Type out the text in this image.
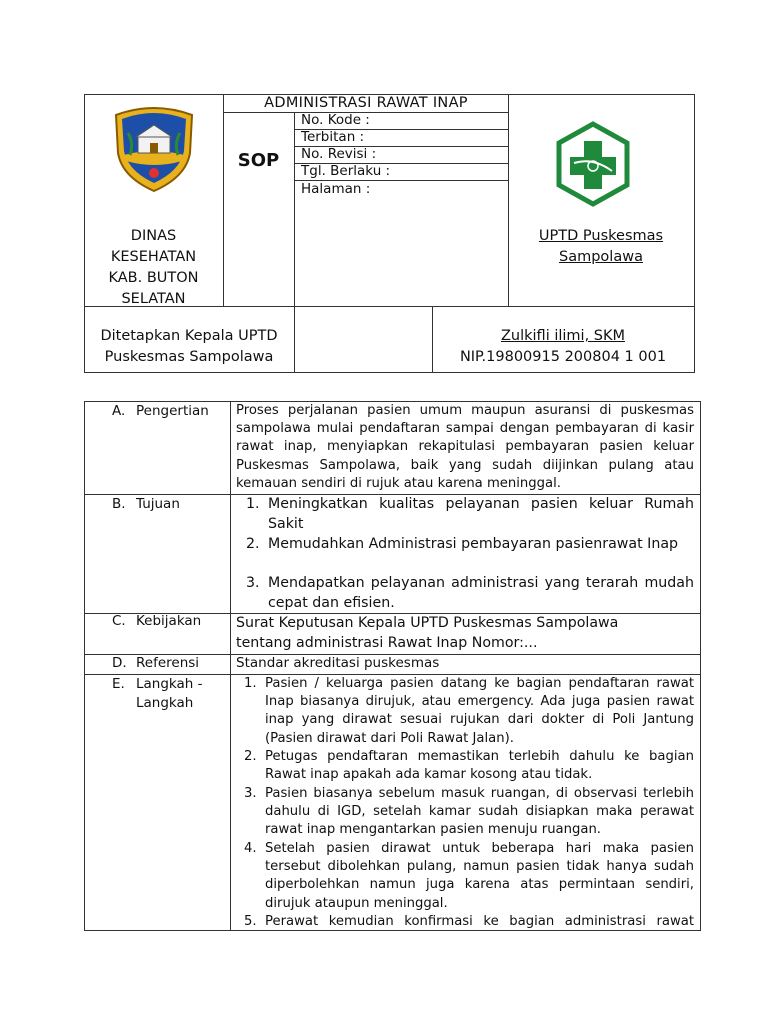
DINAS
KESEHATAN
KAB. BUTON
SELATAN
ADMINISTRASI RAWAT INAP
SOP
No. Kode :
Terbitan :
No. Revisi :
Tgl. Berlaku :
Halaman :
UPTD Puskesmas
Sampolawa
Ditetapkan Kepala UPTD
Puskesmas Sampolawa
Zulkifli ilimi, SKM
NIP.19800915 200804 1 001
A. Pengertian Proses perjalanan pasien umum maupun asuransi di puskesmas sampolawa mulai pendaftaran sampai dengan pembayaran di kasir rawat inap, menyiapkan rekapitulasi pembayaran pasien keluar Puskesmas Sampolawa, baik yang sudah diijinkan pulang atau kemauan sendiri di rujuk atau karena meninggal.
B. Tujuan	1. Meningkatkan kualitas pelayanan pasien keluar Rumah Sakit
2. Memudahkan Administrasi pembayaran pasienrawat Inap
3. Mendapatkan pelayanan administrasi yang terarah mudah cepat dan efisien.
C. Kebijakan Surat Keputusan Kepala UPTD Puskesmas Sampolawa tentang administrasi Rawat Inap Nomor:...
D. Referensi	Standar akreditasi puskesmas
E. Langkah -
Langkah
1. Pasien / keluarga pasien datang ke bagian pendaftaran rawat Inap biasanya dirujuk, atau emergency. Ada juga pasien rawat inap yang dirawat sesuai rujukan dari dokter di Poli Jantung (Pasien dirawat dari Poli Rawat Jalan).
2. Petugas pendaftaran memastikan terlebih dahulu ke bagian Rawat inap apakah ada kamar kosong atau tidak.
3. Pasien biasanya sebelum masuk ruangan, di observasi terlebih dahulu di IGD, setelah kamar sudah disiapkan maka perawat rawat inap mengantarkan pasien menuju ruangan.
4. Setelah pasien dirawat untuk beberapa hari maka pasien tersebut dibolehkan pulang, namun pasien tidak hanya sudah diperbolehkan namun juga karena atas permintaan sendiri, dirujuk ataupun meninggal.
5. Perawat kemudian konfirmasi ke bagian administrasi rawat
